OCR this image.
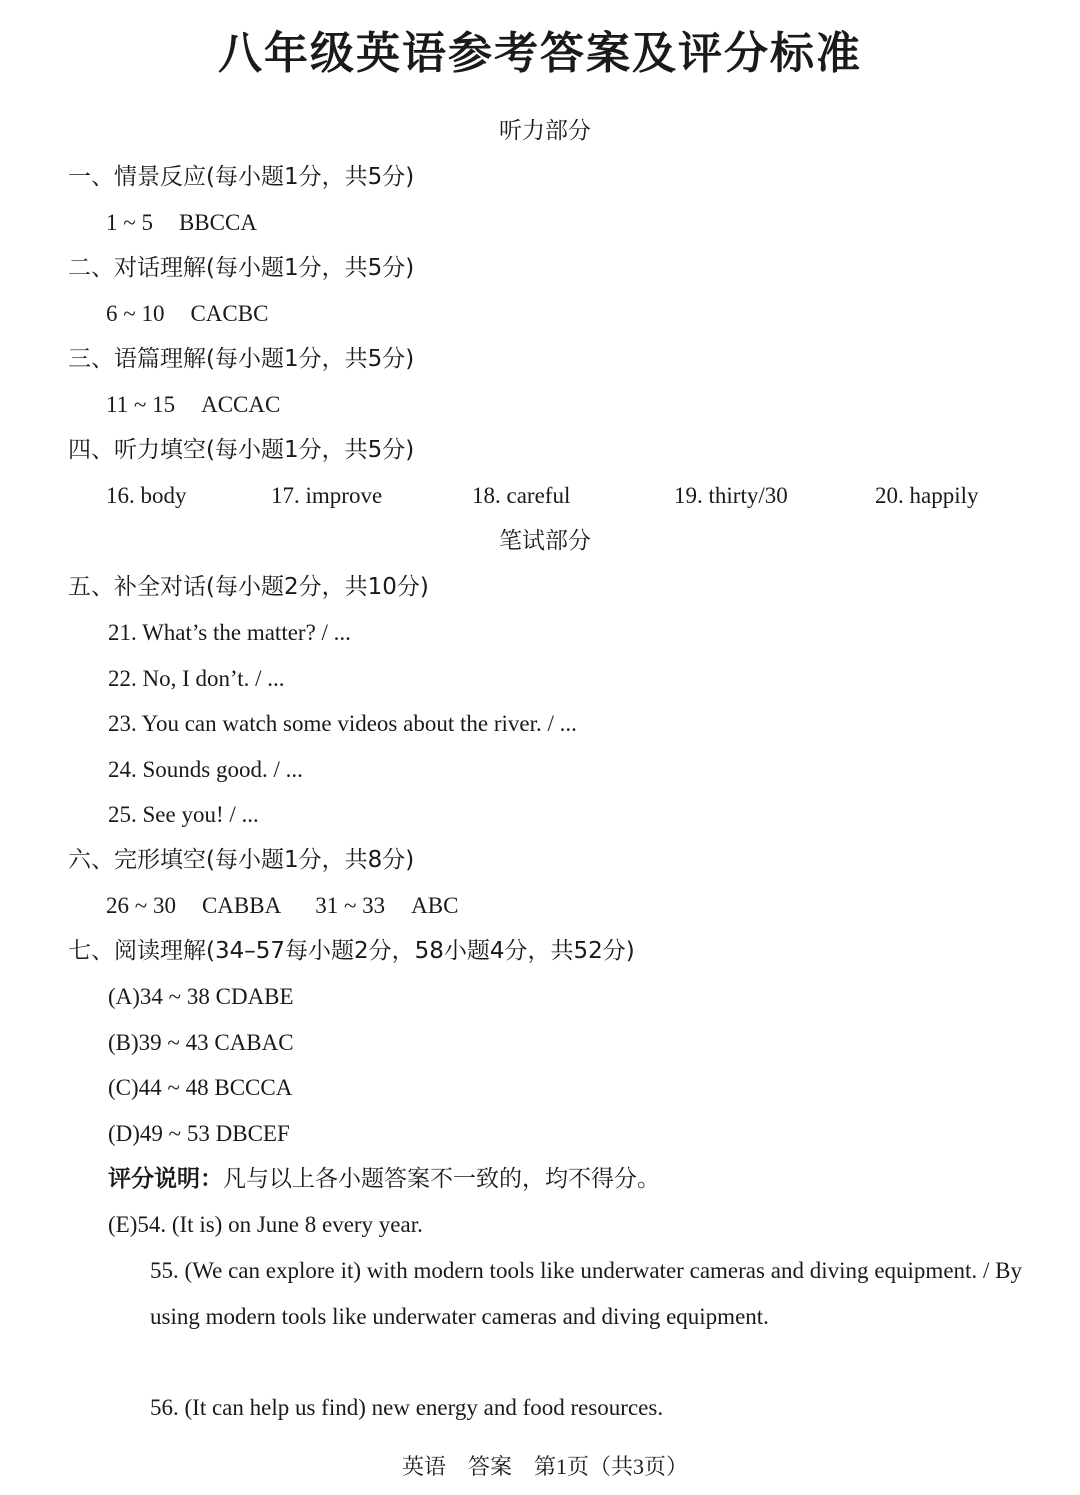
八年级英语参考答案及评分标准
听力部分
一、情景反应(每小题1分，共5分)
1 ~ 5 BBCCA
二、对话理解(每小题1分，共5分)
6 ~ 10 CACBC
三、语篇理解(每小题1分，共5分)
11 ~ 15 ACCAC
四、听力填空(每小题1分，共5分)
16. body	17. improve	18. careful	19. thirty/30	20. happily
笔试部分
五、补全对话(每小题2分，共10分)
21. What’s the matter? / ...
22. No, I don’t. / ...
23. You can watch some videos about the river. / ...
24. Sounds good. / ...
25. See you! / ...
六、完形填空(每小题1分，共8分)
26 ~ 30 CABBA 31 ~ 33 ABC
七、阅读理解(34–57每小题2分，58小题4分，共52分)
(A)34 ~ 38 CDABE
(B)39 ~ 43 CABAC
(C)44 ~ 48 BCCCA
(D)49 ~ 53 DBCEF
评分说明：凡与以上各小题答案不一致的，均不得分。
(E)54. (It is) on June 8 every year.
55. (We can explore it) with modern tools like underwater cameras and diving equipment. / By using modern tools like underwater cameras and diving equipment.
56. (It can help us find) new energy and food resources.
英语　答案　第1页（共3页）
